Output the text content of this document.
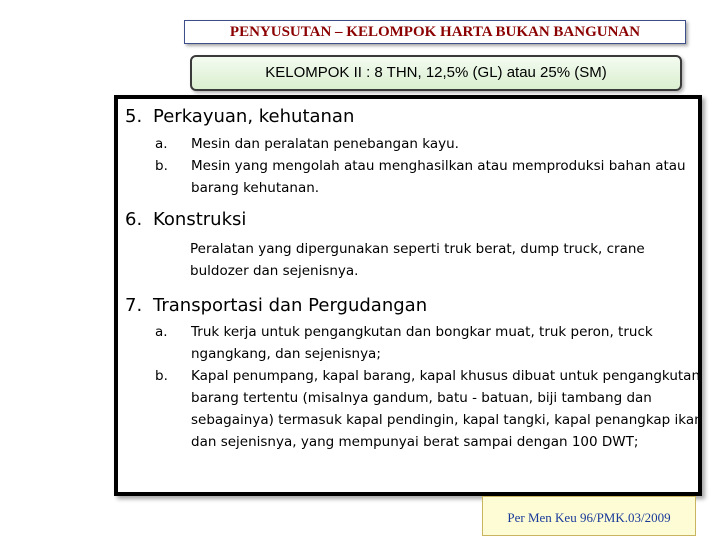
PENYUSUTAN – KELOMPOK HARTA BUKAN BANGUNAN
KELOMPOK II : 8 THN, 12,5% (GL) atau 25% (SM)
5. Perkayuan, kehutanan
a.	Mesin dan peralatan penebangan kayu.
b.	Mesin yang mengolah atau menghasilkan atau memproduksi bahan atau barang kehutanan.
6. Konstruksi
Peralatan yang dipergunakan seperti truk berat, dump truck, crane buldozer dan sejenisnya.
7. Transportasi dan Pergudangan
a.	Truk kerja untuk pengangkutan dan bongkar muat, truk peron, truck ngangkang, dan sejenisnya;
b.	Kapal penumpang, kapal barang, kapal khusus dibuat untuk pengangkutan barang tertentu (misalnya gandum, batu - batuan, biji tambang dan sebagainya) termasuk kapal pendingin, kapal tangki, kapal penangkap ikan dan sejenisnya, yang mempunyai berat sampai dengan 100 DWT;
Per Men Keu 96/PMK.03/2009
